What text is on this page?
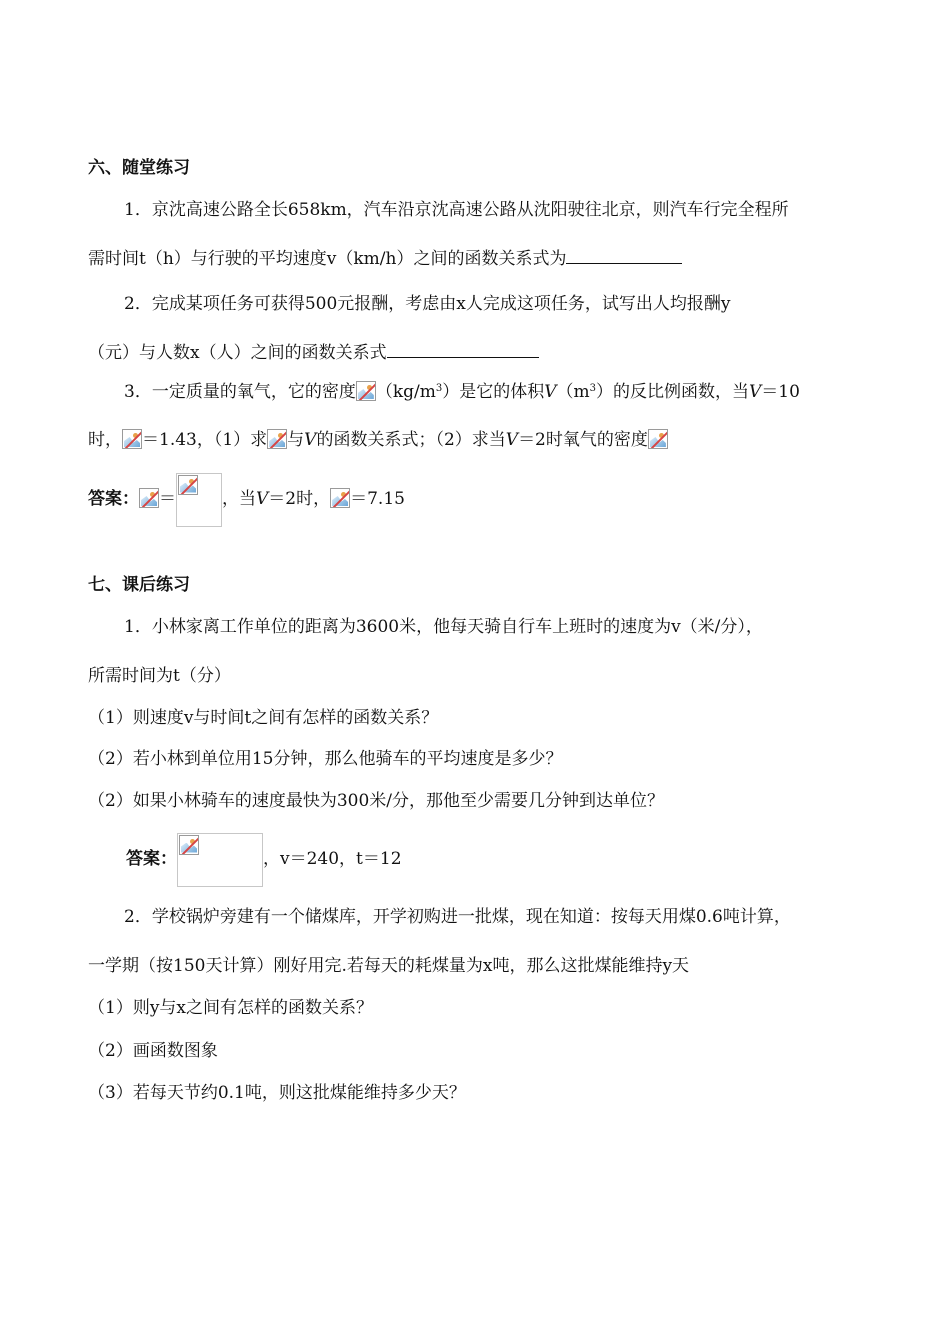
六、随堂练习
1．京沈高速公路全长658km，汽车沿京沈高速公路从沈阳驶往北京，则汽车行完全程所
需时间t（h）与行驶的平均速度v（km/h）之间的函数关系式为
2．完成某项任务可获得500元报酬，考虑由x人完成这项任务，试写出人均报酬y
（元）与人数x（人）之间的函数关系式
3．一定质量的氧气，它的密度 $(kg/m^3)$是它的体积$V(m^3)$的反比例函数，当V＝10
时， ＝1.43，（1）求 与V的函数关系式；（2）求当V＝2时氧气的密度
答案： ＝	，当V＝2时， ＝7.15
七、课后练习
1．小林家离工作单位的距离为3600米，他每天骑自行车上班时的速度为v（米/分），
所需时间为t（分）
（1）则速度v与时间t之间有怎样的函数关系？
（2）若小林到单位用15分钟，那么他骑车的平均速度是多少？
（2）如果小林骑车的速度最快为300米/分，那他至少需要几分钟到达单位？
答案：	，v＝240，t＝12
2．学校锅炉旁建有一个储煤库，开学初购进一批煤，现在知道：按每天用煤0.6吨计算，
一学期（按150天计算）刚好用完.若每天的耗煤量为x吨，那么这批煤能维持y天
（1）则y与x之间有怎样的函数关系？
（2）画函数图象
（3）若每天节约0.1吨，则这批煤能维持多少天？
